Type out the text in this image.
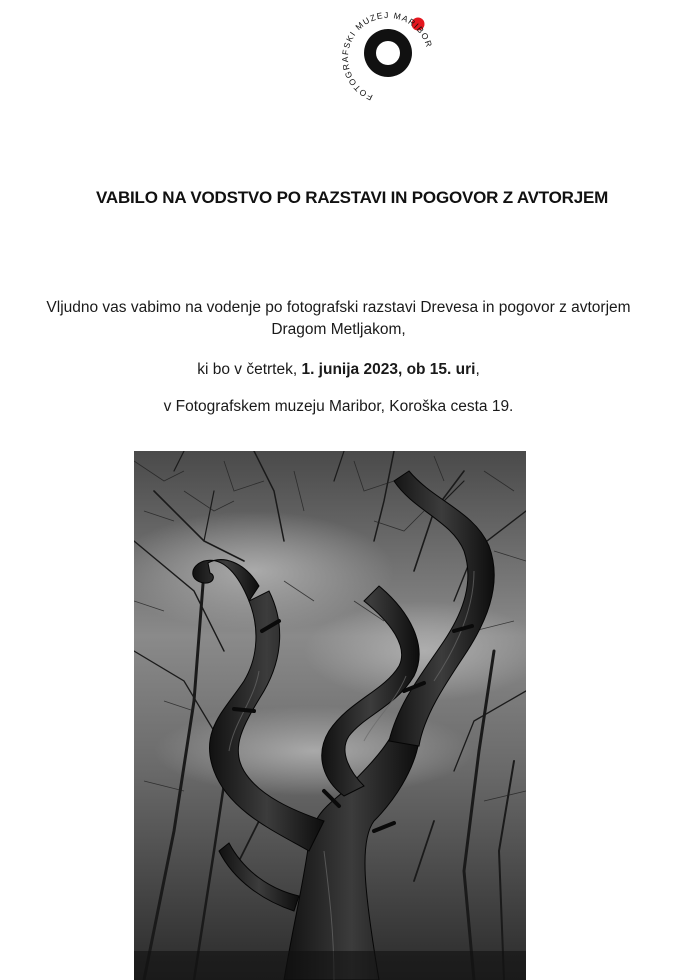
FOTOGRAFSKI MUZEJ MARIBOR
VABILO NA VODSTVO PO RAZSTAVI IN POGOVOR Z AVTORJEM
Vljudno vas vabimo na vodenje po fotografski razstavi Drevesa in pogovor z avtorjem
Dragom Metljakom,
ki bo v četrtek, 1. junija 2023, ob 15. uri,
v Fotografskem muzeju Maribor, Koroška cesta 19.
